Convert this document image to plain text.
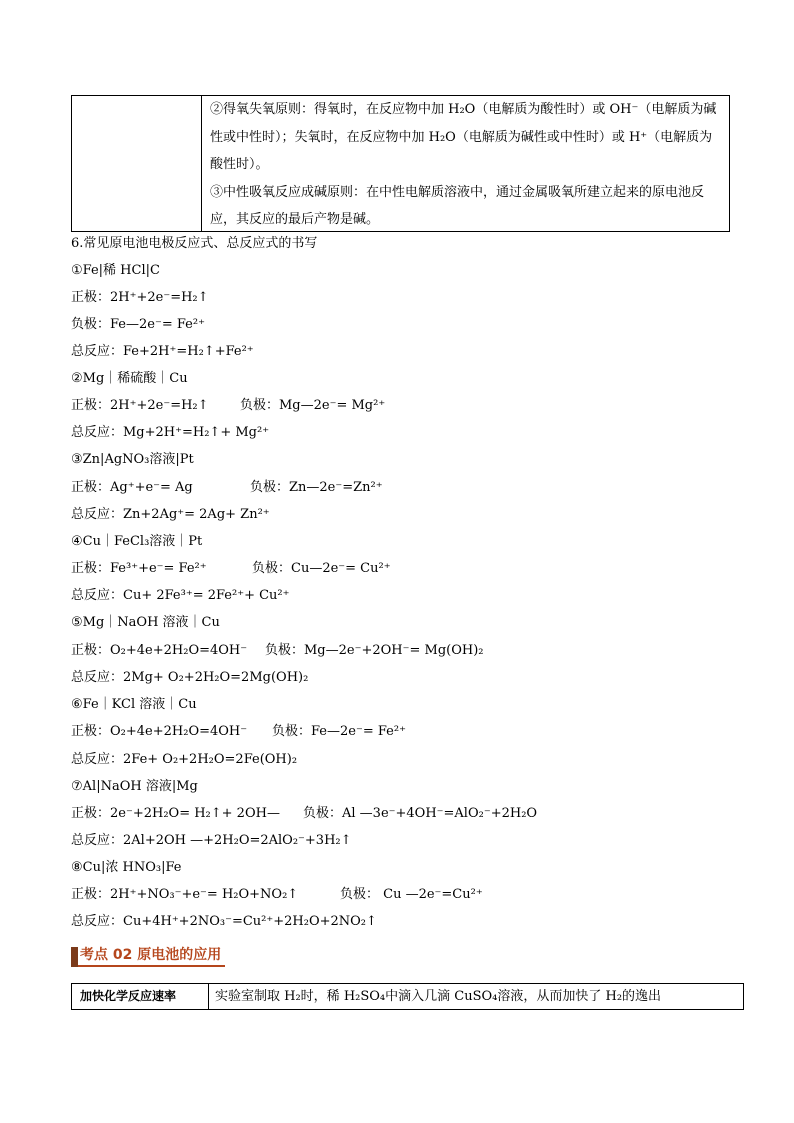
②得氧失氧原则：得氧时，在反应物中加 H₂O（电解质为酸性时）或 OH⁻（电解质为碱性或中性时）；失氧时，在反应物中加 H₂O（电解质为碱性或中性时）或 H⁺（电解质为酸性时）。

③中性吸氧反应成碱原则：在中性电解质溶液中，通过金属吸氧所建立起来的原电池反应，其反应的最后产物是碱。

6.常见原电池电极反应式、总反应式的书写
①Fe|稀 HCl|C
正极：2H⁺+2e⁻=H₂↑
负极：Fe—2e⁻= Fe²⁺
总反应：Fe+2H⁺=H₂↑+Fe²⁺
②Mg｜稀硫酸｜Cu
正极：2H⁺+2e⁻=H₂↑ 负极：Mg—2e⁻= Mg²⁺
总反应：Mg+2H⁺=H₂↑+ Mg²⁺
③Zn|AgNO₃溶液|Pt
正极：Ag⁺+e⁻= Ag	负极：Zn—2e⁻=Zn²⁺
总反应：Zn+2Ag⁺= 2Ag+ Zn²⁺
④Cu｜FeCl₃溶液｜Pt
正极：Fe³⁺+e⁻= Fe²⁺	负极：Cu—2e⁻= Cu²⁺
总反应：Cu+ 2Fe³⁺= 2Fe²⁺+ Cu²⁺
⑤Mg｜NaOH 溶液｜Cu
正极：O₂+4e+2H₂O=4OH⁻ 负极：Mg—2e⁻+2OH⁻= Mg(OH)₂
总反应：2Mg+ O₂+2H₂O=2Mg(OH)₂
⑥Fe｜KCl 溶液｜Cu
正极：O₂+4e+2H₂O=4OH⁻ 负极：Fe—2e⁻= Fe²⁺
总反应：2Fe+ O₂+2H₂O=2Fe(OH)₂
⑦Al|NaOH 溶液|Mg
正极：2e⁻+2H₂O= H₂↑+ 2OH— 负极：Al —3e⁻+4OH⁻=AlO₂⁻+2H₂O
总反应：2Al+2OH —+2H₂O=2AlO₂⁻+3H₂↑
⑧Cu|浓 HNO₃|Fe
正极：2H⁺+NO₃⁻+e⁻= H₂O+NO₂↑	负极： Cu —2e⁻=Cu²⁺
总反应：Cu+4H⁺+2NO₃⁻=Cu²⁺+2H₂O+2NO₂↑
考点 02 原电池的应用
加快化学反应速率	实验室制取 H₂时，稀 H₂SO₄中滴入几滴 CuSO₄溶液，从而加快了 H₂的逸出
